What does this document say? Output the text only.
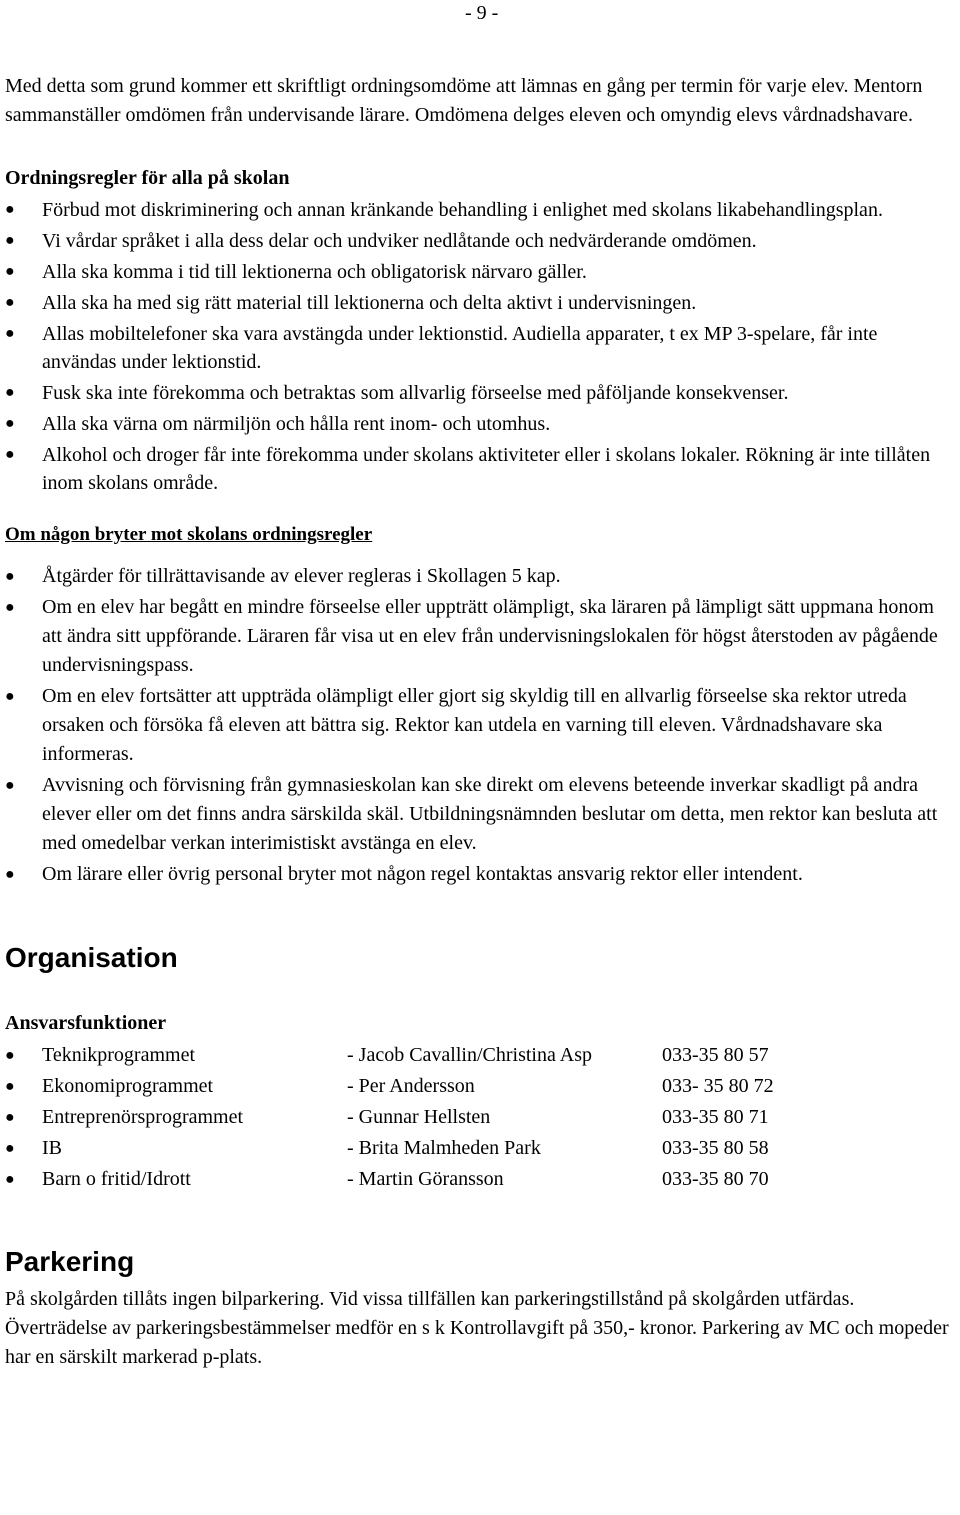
- 9 -

Med detta som grund kommer ett skriftligt ordningsomdöme att lämnas en gång per termin för varje elev. Mentorn sammanställer omdömen från undervisande lärare. Omdömena delges eleven och omyndig elevs vårdnadshavare.

Ordningsregler för alla på skolan

●	Förbud mot diskriminering och annan kränkande behandling i enlighet med skolans likabehandlingsplan.
●	Vi vårdar språket i alla dess delar och undviker nedlåtande och nedvärderande omdömen.
●	Alla ska komma i tid till lektionerna och obligatorisk närvaro gäller.
●	Alla ska ha med sig rätt material till lektionerna och delta aktivt i undervisningen.
●	Allas mobiltelefoner ska vara avstängda under lektionstid. Audiella apparater, t ex MP 3-spelare, får inte användas under lektionstid.
●	Fusk ska inte förekomma och betraktas som allvarlig förseelse med påföljande konsekvenser.
●	Alla ska värna om närmiljön och hålla rent inom- och utomhus.
●	Alkohol och droger får inte förekomma under skolans aktiviteter eller i skolans lokaler. Rökning är inte tillåten inom skolans område.

Om någon bryter mot skolans ordningsregler

●	Åtgärder för tillrättavisande av elever regleras i Skollagen 5 kap.
●	Om en elev har begått en mindre förseelse eller uppträtt olämpligt, ska läraren på lämpligt sätt uppmana honom att ändra sitt uppförande. Läraren får visa ut en elev från undervisningslokalen för högst återstoden av pågående undervisningspass.
●	Om en elev fortsätter att uppträda olämpligt eller gjort sig skyldig till en allvarlig förseelse ska rektor utreda orsaken och försöka få eleven att bättra sig. Rektor kan utdela en varning till eleven. Vårdnadshavare ska informeras.
●	Avvisning och förvisning från gymnasieskolan kan ske direkt om elevens beteende inverkar skadligt på andra elever eller om det finns andra särskilda skäl. Utbildningsnämnden beslutar om detta, men rektor kan besluta att med omedelbar verkan interimistiskt avstänga en elev.
●	Om lärare eller övrig personal bryter mot någon regel kontaktas ansvarig rektor eller intendent.

Organisation

Ansvarsfunktioner

●	Teknikprogrammet	- Jacob Cavallin/Christina Asp	033-35 80 57
●	Ekonomiprogrammet	- Per Andersson	033- 35 80 72
●	Entreprenörsprogrammet	- Gunnar Hellsten	033-35 80 71
●	IB	- Brita Malmheden Park	033-35 80 58
●	Barn o fritid/Idrott	- Martin Göransson	033-35 80 70

Parkering

På skolgården tillåts ingen bilparkering. Vid vissa tillfällen kan parkeringstillstånd på skolgården utfärdas. Överträdelse av parkeringsbestämmelser medför en s k Kontrollavgift på 350,- kronor. Parkering av MC och mopeder har en särskilt markerad p-plats.
